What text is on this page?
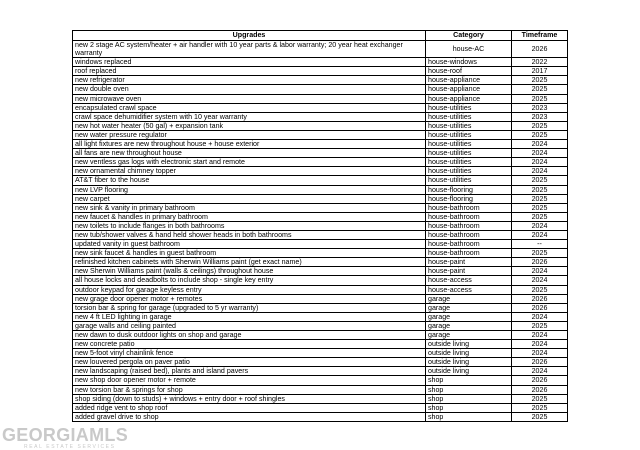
Upgrades	Category	Timeframe
new 2 stage AC system/heater + air handler with 10 year parts & labor warranty; 20 year heat exchanger warranty	house-AC	2026
windows replaced	house-windows	2022
roof replaced	house-roof	2017
new refrigerator	house-appliance	2025
new double oven	house-appliance	2025
new microwave oven	house-appliance	2025
encapsulated crawl space	house-utilities	2023
crawl space dehumidifier system with 10 year warranty	house-utilities	2023
new hot water heater (50 gal) + expansion tank	house-utilities	2025
new water pressure regulator	house-utilities	2025
all light fixtures are new throughout house + house exterior	house-utilities	2024
all fans are new throughout house	house-utilities	2024
new ventless gas logs with electronic start and remote	house-utilities	2024
new ornamental chimney topper	house-utilities	2024
AT&T fiber to the house	house-utilities	2025
new LVP flooring	house-flooring	2025
new carpet	house-flooring	2025
new sink & vanity in primary bathroom	house-bathroom	2025
new faucet & handles in primary bathroom	house-bathroom	2025
new toilets to include flanges in both bathrooms	house-bathroom	2024
new tub/shower valves & hand held shower heads in both bathrooms	house-bathroom	2024
updated vanity in guest bathroom	house-bathroom	--
new sink faucet & handles in guest bathroom	house-bathroom	2025
refinished kitchen cabinets with Sherwin Williams paint (get exact name)	house-paint	2026
new Sherwin Williams paint (walls & ceilings) throughout house	house-paint	2024
all house locks and deadbolts to include shop - single key entry	house-access	2024
outdoor keypad for garage keyless entry	house-access	2025
new grage door opener motor + remotes	garage	2026
torsion bar & spring for garage (upgraded to 5 yr warranty)	garage	2026
new 4 ft LED lighting in garage	garage	2024
garage walls and ceiling painted	garage	2025
new dawn to dusk outdoor lights on shop and garage	garage	2024
new concrete patio	outside living	2024
new 5-foot vinyl chainlink fence	outside living	2024
new louvered pergola on paver patio	outside living	2026
new landscaping (raised bed), plants and island pavers	outside living	2024
new shop door opener motor + remote	shop	2026
new torsion bar & springs for shop	shop	2026
shop siding (down to studs) + windows + entry door + roof shingles	shop	2025
added ridge vent to shop roof	shop	2025
added gravel drive to shop	shop	2025
GEORGIAMLS
REAL ESTATE SERVICES
